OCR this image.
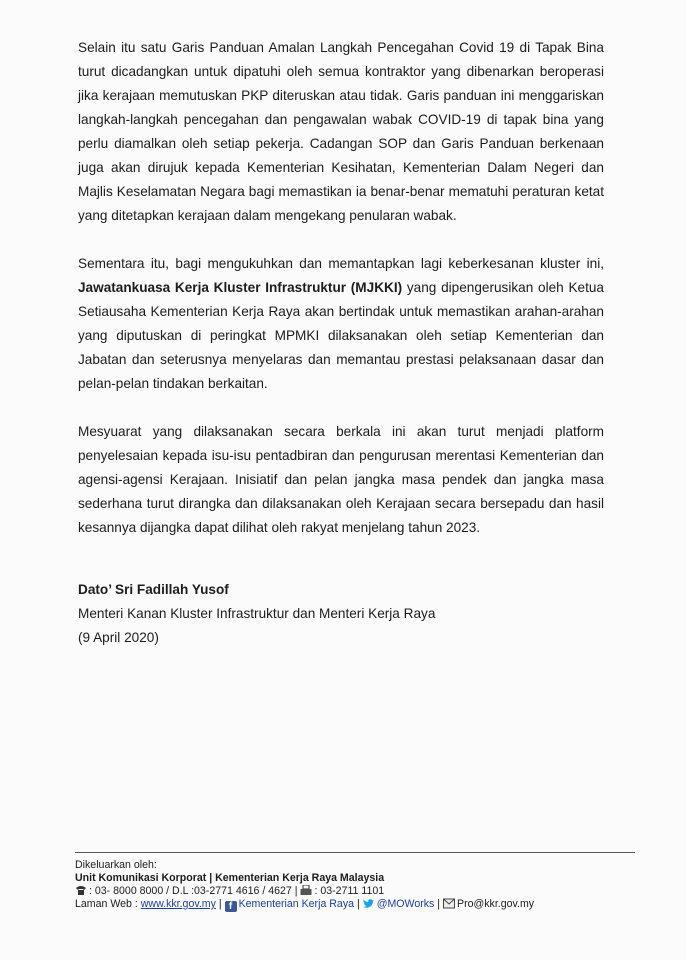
Selain itu satu Garis Panduan Amalan Langkah Pencegahan Covid 19 di Tapak Bina turut dicadangkan untuk dipatuhi oleh semua kontraktor yang dibenarkan beroperasi jika kerajaan memutuskan PKP diteruskan atau tidak. Garis panduan ini menggariskan langkah-langkah pencegahan dan pengawalan wabak COVID-19 di tapak bina yang perlu diamalkan oleh setiap pekerja. Cadangan SOP dan Garis Panduan berkenaan juga akan dirujuk kepada Kementerian Kesihatan, Kementerian Dalam Negeri dan Majlis Keselamatan Negara bagi memastikan ia benar-benar mematuhi peraturan ketat yang ditetapkan kerajaan dalam mengekang penularan wabak.

Sementara itu, bagi mengukuhkan dan memantapkan lagi keberkesanan kluster ini, Jawatankuasa Kerja Kluster Infrastruktur (MJKKI) yang dipengerusikan oleh Ketua Setiausaha Kementerian Kerja Raya akan bertindak untuk memastikan arahan-arahan yang diputuskan di peringkat MPMKI dilaksanakan oleh setiap Kementerian dan Jabatan dan seterusnya menyelaras dan memantau prestasi pelaksanaan dasar dan pelan-pelan tindakan berkaitan.

Mesyuarat yang dilaksanakan secara berkala ini akan turut menjadi platform penyelesaian kepada isu-isu pentadbiran dan pengurusan merentasi Kementerian dan agensi-agensi Kerajaan. Inisiatif dan pelan jangka masa pendek dan jangka masa sederhana turut dirangka dan dilaksanakan oleh Kerajaan secara bersepadu dan hasil kesannya dijangka dapat dilihat oleh rakyat menjelang tahun 2023.

Dato’ Sri Fadillah Yusof
Menteri Kanan Kluster Infrastruktur dan Menteri Kerja Raya
(9 April 2020)
Dikeluarkan oleh:
Unit Komunikasi Korporat | Kementerian Kerja Raya Malaysia
: 03- 8000 8000 / D.L :03-2771 4616 / 4627 | : 03-2711 1101
Laman Web : www.kkr.gov.my | f Kementerian Kerja Raya | @MOWorks | Pro@kkr.gov.my
